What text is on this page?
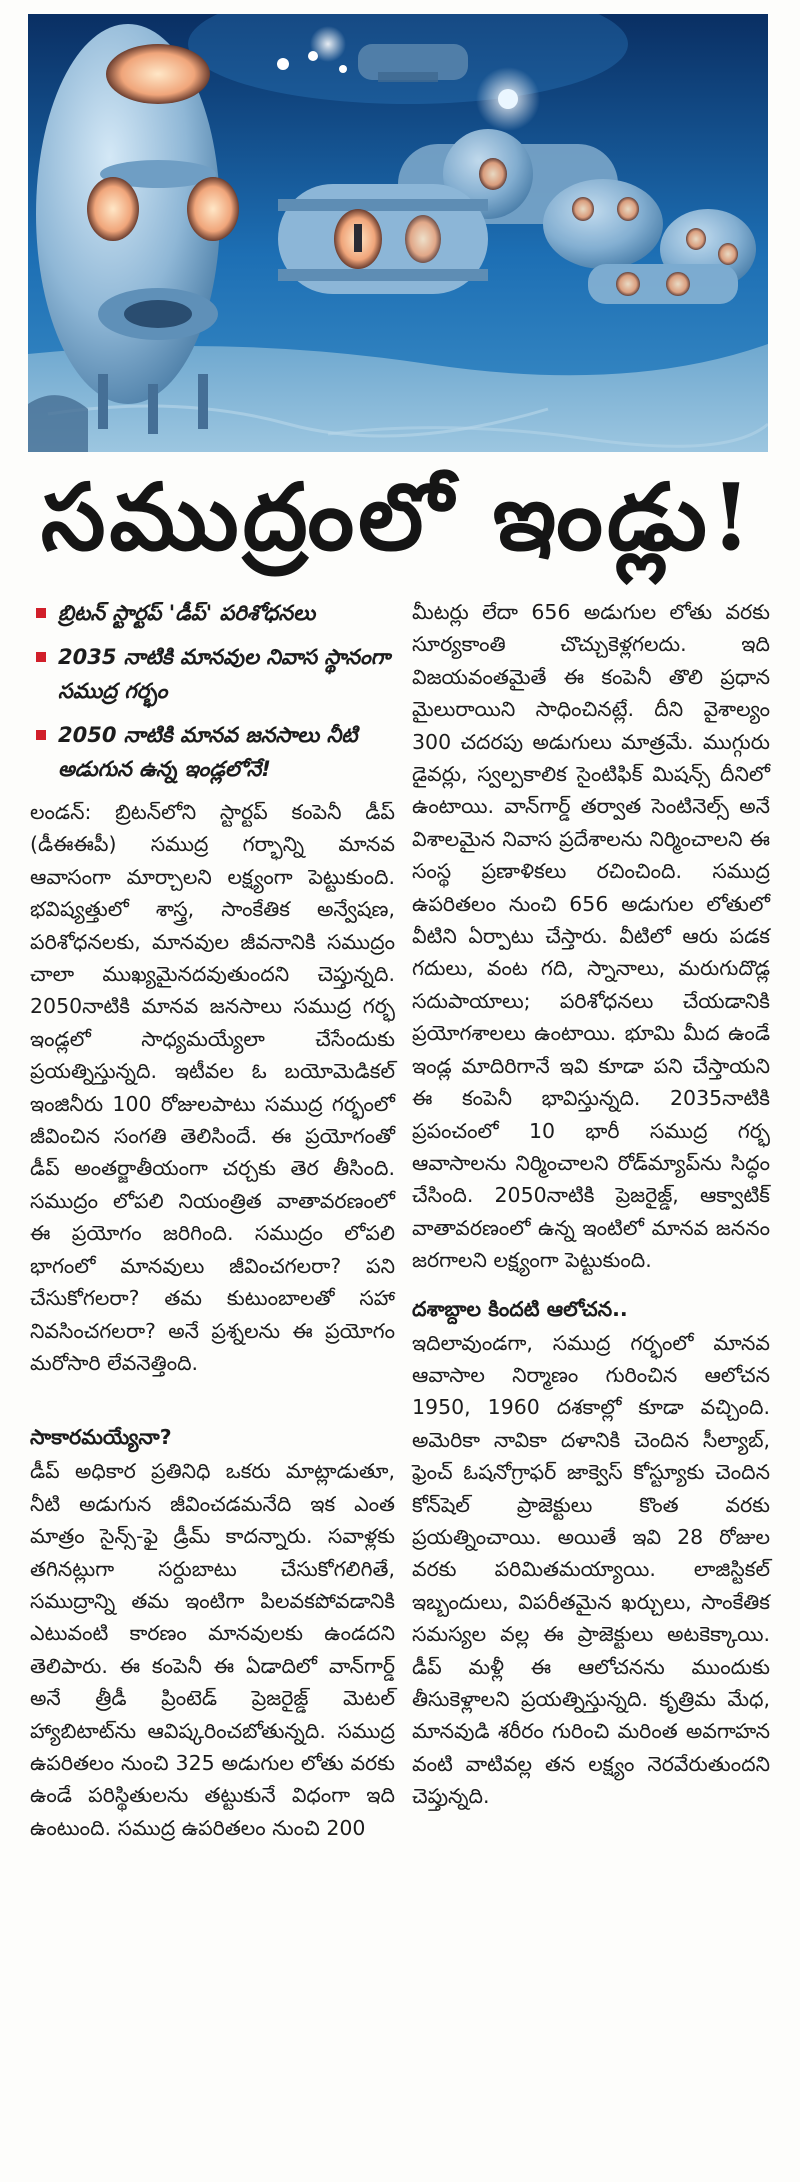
సముద్రంలో ఇండ్లు!
బ్రిటన్ స్టార్టప్ 'డీప్' పరిశోధనలు
2035 నాటికి మానవుల నివాస స్థానంగా సముద్ర గర్భం
2050 నాటికి మానవ జనసాలు నీటి అడుగున ఉన్న ఇండ్లలోనే!

లండన్: బ్రిటన్‌లోని స్టార్టప్ కంపెనీ డీప్ (డీఈఈపీ) సముద్ర గర్భాన్ని మానవ ఆవాసంగా మార్చాలని లక్ష్యంగా పెట్టుకుంది. భవిష్యత్తులో శాస్త్ర, సాంకేతిక అన్వేషణ, పరిశోధనలకు, మానవుల జీవనానికి సముద్రం చాలా ముఖ్యమైనదవుతుందని చెప్తున్నది. 2050నాటికి మానవ జనసాలు సముద్ర గర్భ ఇండ్లలో సాధ్యమయ్యేలా చేసేందుకు ప్రయత్నిస్తున్నది. ఇటీవల ఓ బయోమెడికల్ ఇంజినీరు 100 రోజులపాటు సముద్ర గర్భంలో జీవించిన సంగతి తెలిసిందే. ఈ ప్రయోగంతో డీప్ అంతర్జాతీయంగా చర్చకు తెర తీసింది. సముద్రం లోపలి నియంత్రిత వాతావరణంలో ఈ ప్రయోగం జరిగింది. సముద్రం లోపలి భాగంలో మానవులు జీవించగలరా? పని చేసుకోగలరా? తమ కుటుంబాలతో సహా నివసించగలరా? అనే ప్రశ్నలను ఈ ప్రయోగం మరోసారి లేవనెత్తింది.

సాకారమయ్యేనా?

డీప్ అధికార ప్రతినిధి ఒకరు మాట్లాడుతూ, నీటి అడుగున జీవించడమనేది ఇక ఎంత మాత్రం సైన్స్-ఫై డ్రీమ్ కాదన్నారు. సవాళ్లకు తగినట్లుగా సర్దుబాటు చేసుకోగలిగితే, సముద్రాన్ని తమ ఇంటిగా పిలవకపోవడానికి ఎటువంటి కారణం మానవులకు ఉండదని తెలిపారు. ఈ కంపెనీ ఈ ఏడాదిలో వాన్‌గార్డ్ అనే త్రీడీ ప్రింటెడ్ ప్రెజరైజ్డ్ మెటల్ హ్యాబిటాట్‌ను ఆవిష్కరించబోతున్నది. సముద్ర ఉపరితలం నుంచి 325 అడుగుల లోతు వరకు ఉండే పరిస్థితులను తట్టుకునే విధంగా ఇది ఉంటుంది. సముద్ర ఉపరితలం నుంచి 200

మీటర్లు లేదా 656 అడుగుల లోతు వరకు సూర్యకాంతి చొచ్చుకెళ్లగలదు. ఇది విజయవంతమైతే ఈ కంపెనీ తొలి ప్రధాన మైలురాయిని సాధించినట్లే. దీని వైశాల్యం 300 చదరపు అడుగులు మాత్రమే. ముగ్గురు డైవర్లు, స్వల్పకాలిక సైంటిఫిక్ మిషన్స్ దీనిలో ఉంటాయి. వాన్‌గార్డ్ తర్వాత సెంటినెల్స్ అనే విశాలమైన నివాస ప్రదేశాలను నిర్మించాలని ఈ సంస్థ ప్రణాళికలు రచించింది. సముద్ర ఉపరితలం నుంచి 656 అడుగుల లోతులో వీటిని ఏర్పాటు చేస్తారు. వీటిలో ఆరు పడక గదులు, వంట గది, స్నానాలు, మరుగుదొడ్ల సదుపాయాలు; పరిశోధనలు చేయడానికి ప్రయోగశాలలు ఉంటాయి. భూమి మీద ఉండే ఇండ్ల మాదిరిగానే ఇవి కూడా పని చేస్తాయని ఈ కంపెనీ భావిస్తున్నది. 2035నాటికి ప్రపంచంలో 10 భారీ సముద్ర గర్భ ఆవాసాలను నిర్మించాలని రోడ్‌మ్యాప్‌ను సిద్ధం చేసింది. 2050నాటికి ప్రెజరైజ్డ్, ఆక్వాటిక్ వాతావరణంలో ఉన్న ఇంటిలో మానవ జననం జరగాలని లక్ష్యంగా పెట్టుకుంది.

దశాబ్దాల కిందటి ఆలోచన..

ఇదిలావుండగా, సముద్ర గర్భంలో మానవ ఆవాసాల నిర్మాణం గురించిన ఆలోచన 1950, 1960 దశకాల్లో కూడా వచ్చింది. అమెరికా నావికా దళానికి చెందిన సీల్యాబ్, ఫ్రెంచ్ ఓషనోగ్రాఫర్ జాక్వెస్ కోస్ట్యూకు చెందిన కోన్‌షెల్ ప్రాజెక్టులు కొంత వరకు ప్రయత్నించాయి. అయితే ఇవి 28 రోజుల వరకు పరిమితమయ్యాయి. లాజిస్టికల్ ఇబ్బందులు, విపరీతమైన ఖర్చులు, సాంకేతిక సమస్యల వల్ల ఈ ప్రాజెక్టులు అటకెక్కాయి. డీప్ మళ్లీ ఈ ఆలోచనను ముందుకు తీసుకెళ్లాలని ప్రయత్నిస్తున్నది. కృత్రిమ మేధ, మానవుడి శరీరం గురించి మరింత అవగాహన వంటి వాటివల్ల తన లక్ష్యం నెరవేరుతుందని చెప్తున్నది.
